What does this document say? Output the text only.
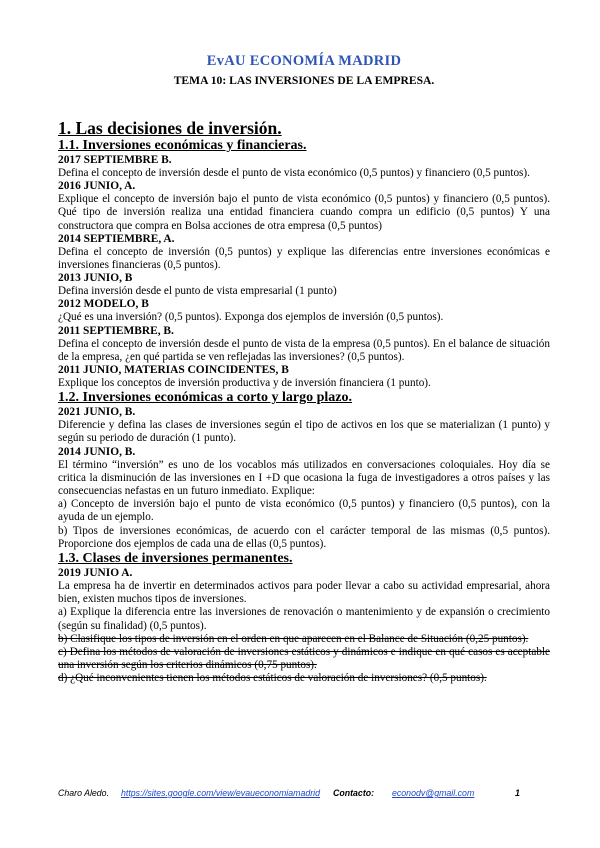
EvAU ECONOMÍA MADRID

TEMA 10: LAS INVERSIONES DE LA EMPRESA.

1. Las decisiones de inversión.

1.1. Inversiones económicas y financieras.

2017 SEPTIEMBRE B.

Defina el concepto de inversión desde el punto de vista económico (0,5 puntos) y financiero (0,5 puntos).

2016 JUNIO, A.

Explique el concepto de inversión bajo el punto de vista económico (0,5 puntos) y financiero (0,5 puntos). Qué tipo de inversión realiza una entidad financiera cuando compra un edificio (0,5 puntos) Y una constructora que compra en Bolsa acciones de otra empresa (0,5 puntos)

2014 SEPTIEMBRE, A.

Defina el concepto de inversión (0,5 puntos) y explique las diferencias entre inversiones económicas e inversiones financieras (0,5 puntos).

2013 JUNIO, B

Defina inversión desde el punto de vista empresarial (1 punto)

2012 MODELO, B

¿Qué es una inversión? (0,5 puntos). Exponga dos ejemplos de inversión (0,5 puntos).

2011 SEPTIEMBRE, B.

Defina el concepto de inversión desde el punto de vista de la empresa (0,5 puntos). En el balance de situación de la empresa, ¿en qué partida se ven reflejadas las inversiones? (0,5 puntos).

2011 JUNIO, MATERIAS COINCIDENTES, B

Explique los conceptos de inversión productiva y de inversión financiera (1 punto).

1.2. Inversiones económicas a corto y largo plazo.

2021 JUNIO, B.

Diferencie y defina las clases de inversiones según el tipo de activos en los que se materializan (1 punto) y según su periodo de duración (1 punto).

2014 JUNIO, B.

El término “inversión” es uno de los vocablos más utilizados en conversaciones coloquiales. Hoy día se critica la disminución de las inversiones en I +D que ocasiona la fuga de investigadores a otros países y las consecuencias nefastas en un futuro inmediato. Explique:

a) Concepto de inversión bajo el punto de vista económico (0,5 puntos) y financiero (0,5 puntos), con la ayuda de un ejemplo.

b) Tipos de inversiones económicas, de acuerdo con el carácter temporal de las mismas (0,5 puntos). Proporcione dos ejemplos de cada una de ellas (0,5 puntos).

1.3. Clases de inversiones permanentes.

2019 JUNIO A.

La empresa ha de invertir en determinados activos para poder llevar a cabo su actividad empresarial, ahora bien, existen muchos tipos de inversiones.

a) Explique la diferencia entre las inversiones de renovación o mantenimiento y de expansión o crecimiento (según su finalidad) (0,5 puntos).

b) Clasifique los tipos de inversión en el orden en que aparecen en el Balance de Situación (0,25 puntos).

c) Defina los métodos de valoración de inversiones estáticos y dinámicos e indique en qué casos es aceptable una inversión según los criterios dinámicos (0,75 puntos).

d) ¿Qué inconvenientes tienen los métodos estáticos de valoración de inversiones? (0,5 puntos).

Charo Aledo. https://sites.google.com/view/evaueconomiamadrid Contacto: econodv@gmail.com	1
